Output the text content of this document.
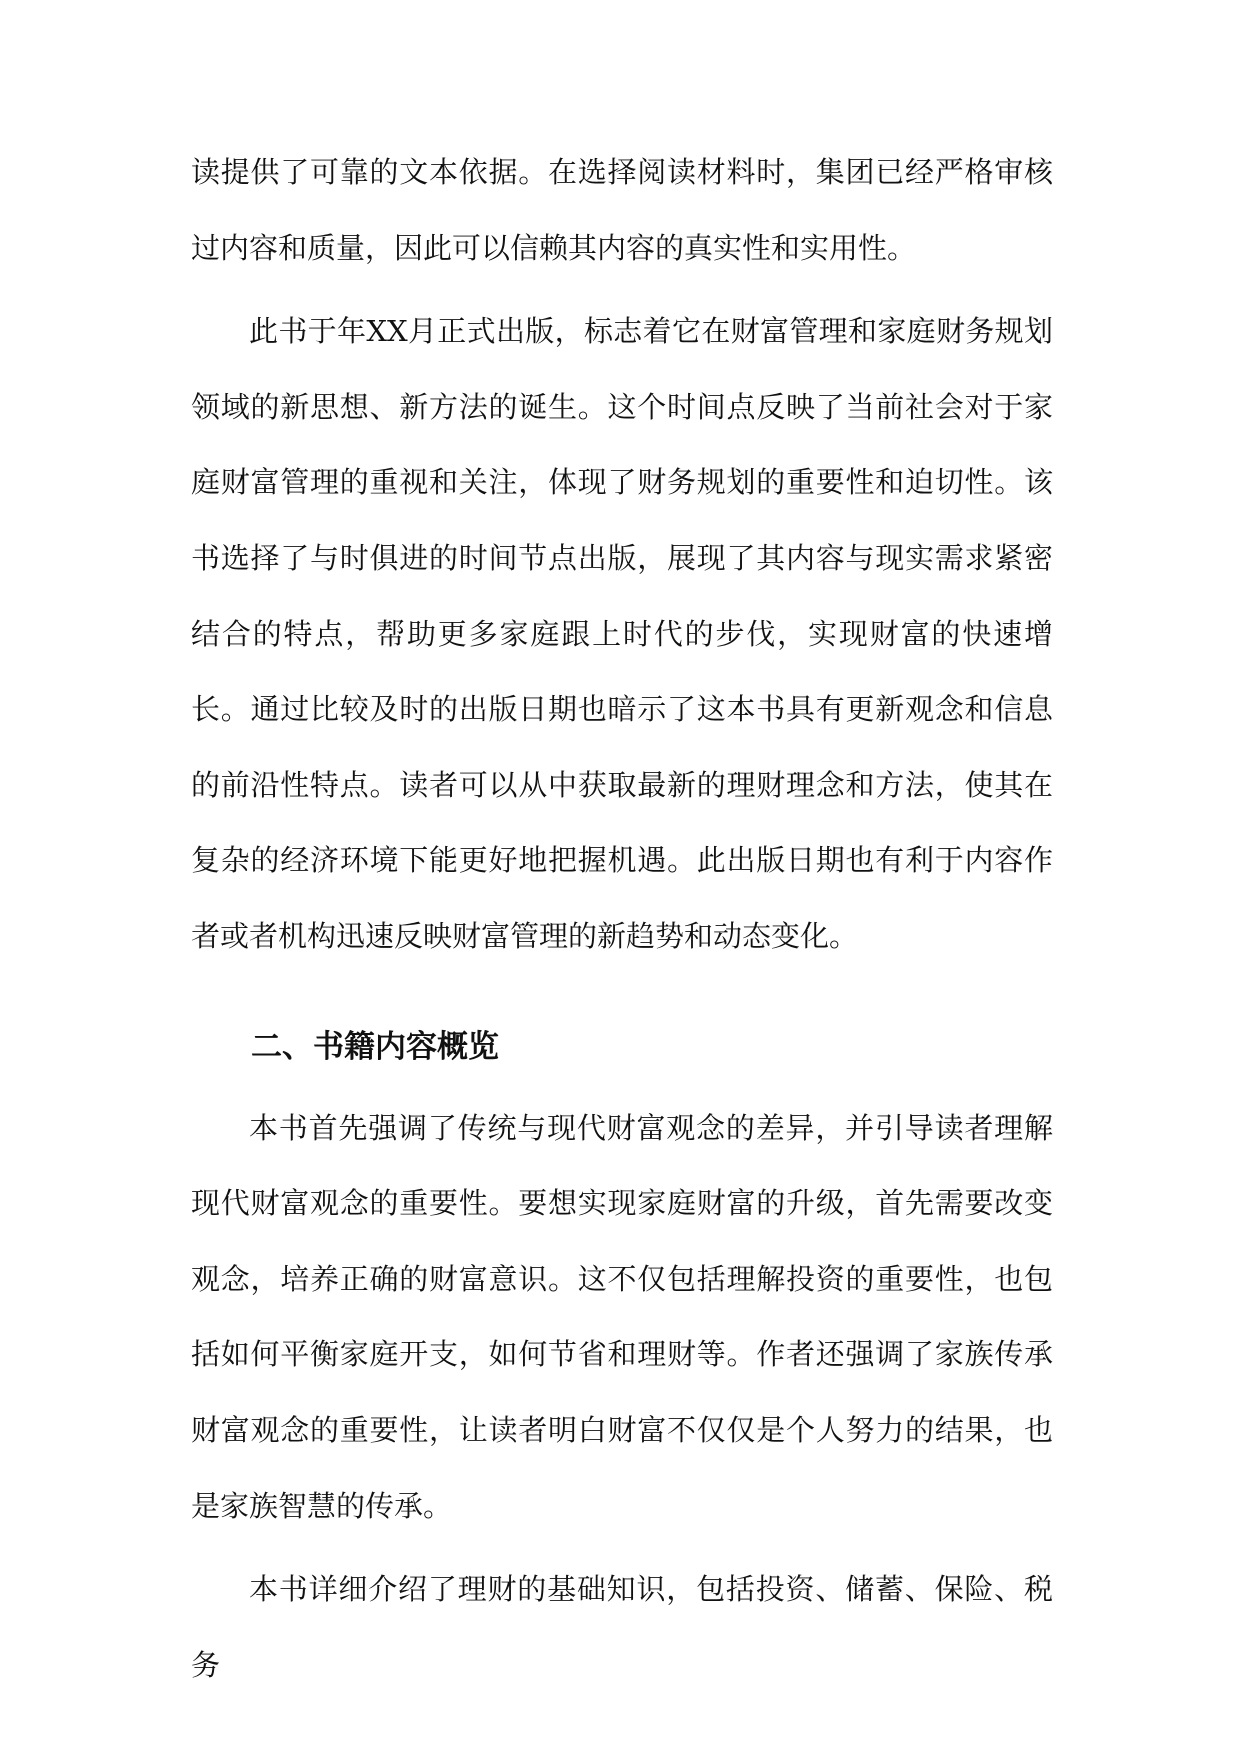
读提供了可靠的文本依据。在选择阅读材料时，集团已经严格审核过内容和质量，因此可以信赖其内容的真实性和实用性。

此书于年XX月正式出版，标志着它在财富管理和家庭财务规划领域的新思想、新方法的诞生。这个时间点反映了当前社会对于家庭财富管理的重视和关注，体现了财务规划的重要性和迫切性。该书选择了与时俱进的时间节点出版，展现了其内容与现实需求紧密结合的特点，帮助更多家庭跟上时代的步伐，实现财富的快速增长。通过比较及时的出版日期也暗示了这本书具有更新观念和信息的前沿性特点。读者可以从中获取最新的理财理念和方法，使其在复杂的经济环境下能更好地把握机遇。此出版日期也有利于内容作者或者机构迅速反映财富管理的新趋势和动态变化。

二、书籍内容概览

本书首先强调了传统与现代财富观念的差异，并引导读者理解现代财富观念的重要性。要想实现家庭财富的升级，首先需要改变观念，培养正确的财富意识。这不仅包括理解投资的重要性，也包括如何平衡家庭开支，如何节省和理财等。作者还强调了家族传承财富观念的重要性，让读者明白财富不仅仅是个人努力的结果，也是家族智慧的传承。

本书详细介绍了理财的基础知识，包括投资、储蓄、保险、税务
